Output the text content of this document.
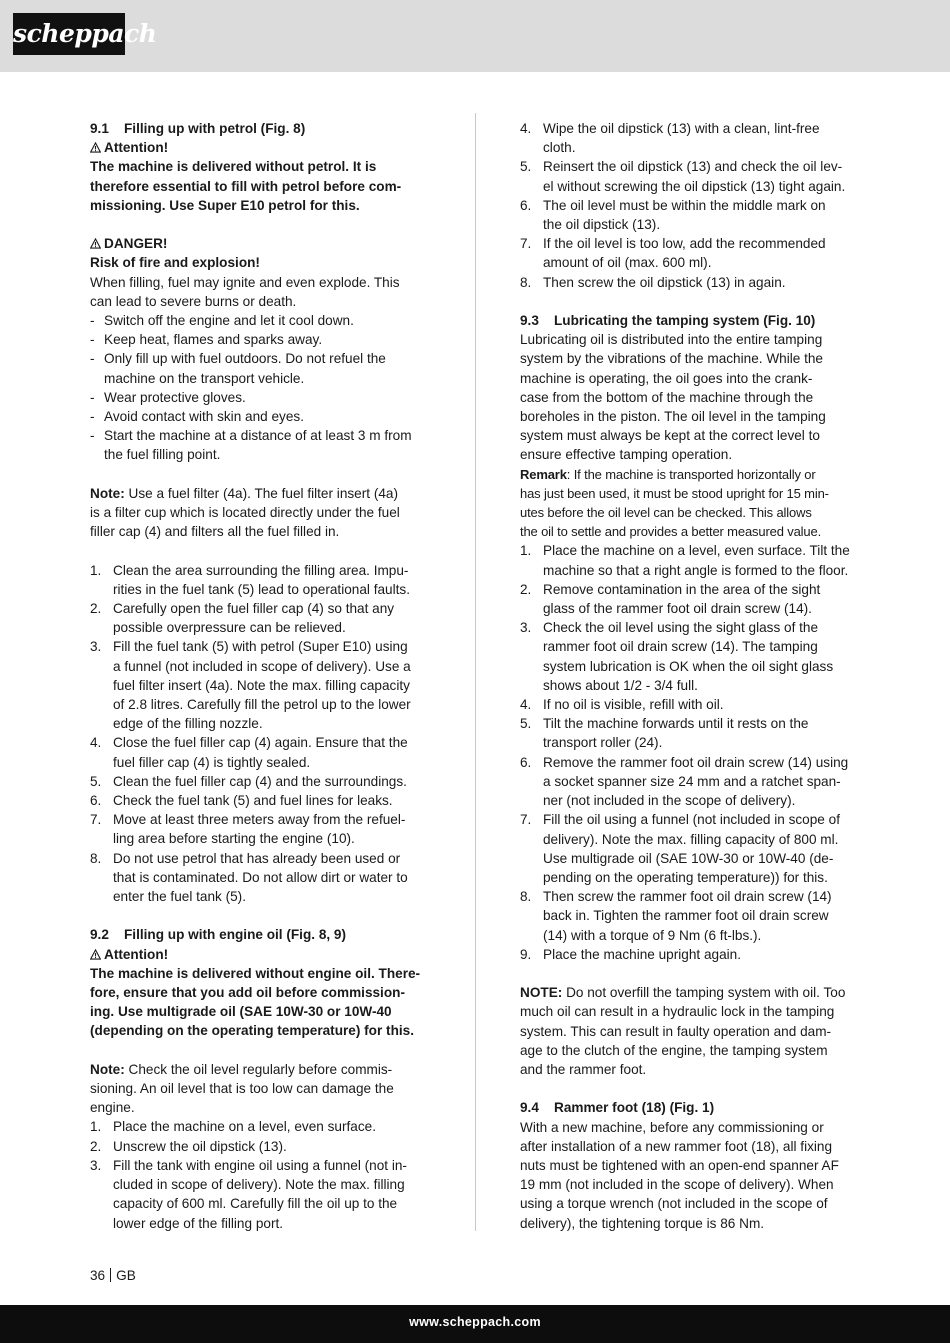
scheppach

9.1 Filling up with petrol (Fig. 8)

Attention!

The machine is delivered without petrol. It is
therefore essential to fill with petrol before com-
missioning. Use Super E10 petrol for this.

DANGER!

Risk of fire and explosion!

When filling, fuel may ignite and even explode. This
can lead to severe burns or death.

- Switch off the engine and let it cool down.
- Keep heat, flames and sparks away.
- Only fill up with fuel outdoors. Do not refuel the
machine on the transport vehicle.
- Wear protective gloves.
- Avoid contact with skin and eyes.
- Start the machine at a distance of at least 3 m from
the fuel filling point.

Note: Use a fuel filter (4a). The fuel filter insert (4a)
is a filter cup which is located directly under the fuel
filler cap (4) and filters all the fuel filled in.

1. Clean the area surrounding the filling area. Impu-
rities in the fuel tank (5) lead to operational faults.
2. Carefully open the fuel filler cap (4) so that any
possible overpressure can be relieved.
3. Fill the fuel tank (5) with petrol (Super E10) using
a funnel (not included in scope of delivery). Use a
fuel filter insert (4a). Note the max. filling capacity
of 2.8 litres. Carefully fill the petrol up to the lower
edge of the filling nozzle.
4. Close the fuel filler cap (4) again. Ensure that the
fuel filler cap (4) is tightly sealed.
5. Clean the fuel filler cap (4) and the surroundings.
6. Check the fuel tank (5) and fuel lines for leaks.
7. Move at least three meters away from the refuel-
ling area before starting the engine (10).
8. Do not use petrol that has already been used or
that is contaminated. Do not allow dirt or water to
enter the fuel tank (5).

9.2 Filling up with engine oil (Fig. 8, 9)

Attention!

The machine is delivered without engine oil. There-
fore, ensure that you add oil before commission-
ing. Use multigrade oil (SAE 10W-30 or 10W-40
(depending on the operating temperature) for this.

Note: Check the oil level regularly before commis-
sioning. An oil level that is too low can damage the
engine.

1. Place the machine on a level, even surface.
2. Unscrew the oil dipstick (13).
3. Fill the tank with engine oil using a funnel (not in-
cluded in scope of delivery). Note the max. filling
capacity of 600 ml. Carefully fill the oil up to the
lower edge of the filling port.
4. Wipe the oil dipstick (13) with a clean, lint-free
cloth.
5. Reinsert the oil dipstick (13) and check the oil lev-
el without screwing the oil dipstick (13) tight again.
6. The oil level must be within the middle mark on
the oil dipstick (13).
7. If the oil level is too low, add the recommended
amount of oil (max. 600 ml).
8. Then screw the oil dipstick (13) in again.

9.3 Lubricating the tamping system (Fig. 10)

Lubricating oil is distributed into the entire tamping
system by the vibrations of the machine. While the
machine is operating, the oil goes into the crank-
case from the bottom of the machine through the
boreholes in the piston. The oil level in the tamping
system must always be kept at the correct level to
ensure effective tamping operation.

Remark: If the machine is transported horizontally or
has just been used, it must be stood upright for 15 min-
utes before the oil level can be checked. This allows
the oil to settle and provides a better measured value.

1. Place the machine on a level, even surface. Tilt the
machine so that a right angle is formed to the floor.
2. Remove contamination in the area of the sight
glass of the rammer foot oil drain screw (14).
3. Check the oil level using the sight glass of the
rammer foot oil drain screw (14). The tamping
system lubrication is OK when the oil sight glass
shows about 1/2 - 3/4 full.
4. If no oil is visible, refill with oil.
5. Tilt the machine forwards until it rests on the
transport roller (24).
6. Remove the rammer foot oil drain screw (14) using
a socket spanner size 24 mm and a ratchet span-
ner (not included in the scope of delivery).
7. Fill the oil using a funnel (not included in scope of
delivery). Note the max. filling capacity of 800 ml.
Use multigrade oil (SAE 10W-30 or 10W-40 (de-
pending on the operating temperature)) for this.
8. Then screw the rammer foot oil drain screw (14)
back in. Tighten the rammer foot oil drain screw
(14) with a torque of 9 Nm (6 ft-lbs.).
9. Place the machine upright again.

NOTE: Do not overfill the tamping system with oil. Too
much oil can result in a hydraulic lock in the tamping
system. This can result in faulty operation and dam-
age to the clutch of the engine, the tamping system
and the rammer foot.

9.4 Rammer foot (18) (Fig. 1)

With a new machine, before any commissioning or
after installation of a new rammer foot (18), all fixing
nuts must be tightened with an open-end spanner AF
19 mm (not included in the scope of delivery). When
using a torque wrench (not included in the scope of
delivery), the tightening torque is 86 Nm.

36 GB
www.scheppach.com
